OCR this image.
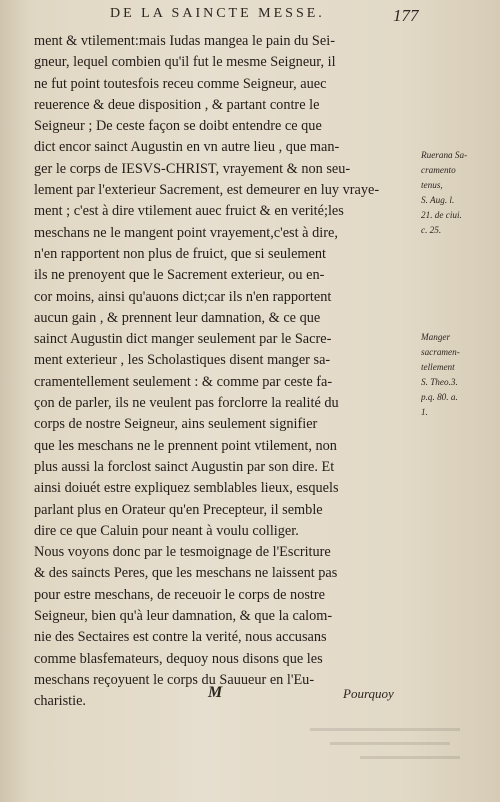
DE LA SAINCTE MESSE.	177
ment & vtilement:mais Iudas mangea le pain du Sei-
gneur, lequel combien qu'il fut le mesme Seigneur, il
ne fut point toutesfois receu comme Seigneur, auec
reuerence & deue disposition , & partant contre le
Seigneur ; De ceste façon se doibt entendre ce que
dict encor sainct Augustin en vn autre lieu , que man-
ger le corps de IESVS-CHRIST, vrayement & non seu-
lement par l'exterieur Sacrement, est demeurer en luy vraye-
ment ; c'est à dire vtilement auec fruict & en verité;les
meschans ne le mangent point vrayement,c'est à dire,
n'en rapportent non plus de fruict, que si seulement
ils ne prenoyent que le Sacrement exterieur, ou en-
cor moins, ainsi qu'auons dict;car ils n'en rapportent
aucun gain , & prennent leur damnation, & ce que
sainct Augustin dict manger seulement par le Sacre-
ment exterieur , les Scholastiques disent manger sa-
cramentellement seulement : & comme par ceste fa-
çon de parler, ils ne veulent pas forclorre la realité du
corps de nostre Seigneur, ains seulement signifier
que les meschans ne le prennent point vtilement, non
plus aussi la forclost sainct Augustin par son dire. Et
ainsi doiuét estre expliquez semblables lieux, esquels
parlant plus en Orateur qu'en Precepteur, il semble
dire ce que Caluin pour neant à voulu colliger.
Nous voyons donc par le tesmoignage de l'Escriture
& des saincts Peres, que les meschans ne laissent pas
pour estre meschans, de receuoir le corps de nostre
Seigneur, bien qu'à leur damnation, & que la calom-
nie des Sectaires est contre la verité, nous accusans
comme blasfemateurs, dequoy nous disons que les
meschans reçoyuent le corps du Sauueur en l'Eu-
charistie.
Rueranɑ Sa-
cramento
tenus,
S. Aug. l.
21. de ciui.
c. 25.
Manger
sacramen-
tellement
S. Theo.3.
p.q. 80. a.
1.
M	Pourquoy
